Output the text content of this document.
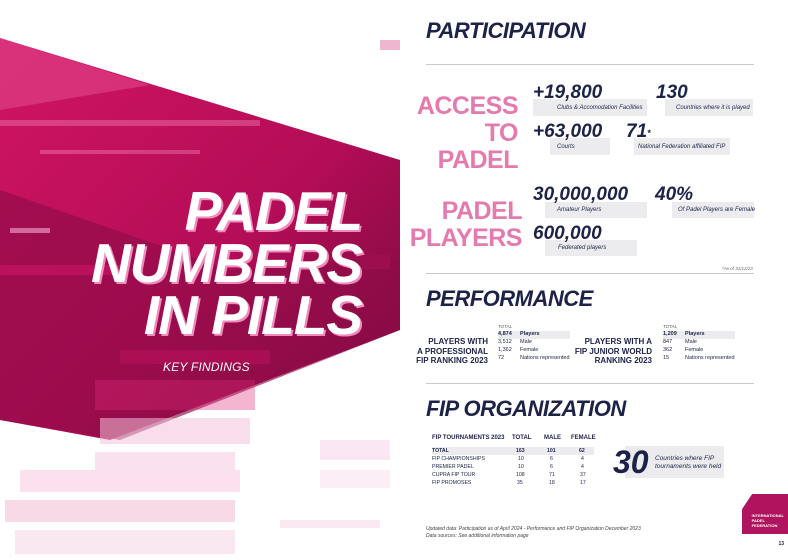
PADEL
NUMBERS
IN PILLS
KEY FINDINGS
PARTICIPATION
ACCESS
TO PADEL
+19,800
Clubs & Accomodation Facilities
130
Countries where it is played
+63,000
Courts
71*
National Federation affiliated FIP
PADEL
PLAYERS
30,000,000
Amateur Players
40%
Of Padel Players are Female
600,000
Federated players
*As of 31/12/23
PERFORMANCE
PLAYERS WITH
A PROFESSIONAL
FIP RANKING 2023
TOTAL
4,874 Players
3,512 Male
1,362 Female
72	Nations represented
PLAYERS WITH A
FIP JUNIOR WORLD
RANKING 2023
TOTAL
1,209 Players
847 Male
362 Female
15	Nations represented
FIP ORGANIZATION
FIP TOURNAMENTS 2023 TOTAL MALE FEMALE
TOTAL	163	101	62
FIP CHAMPIONSHIPS	10	6	4
PREMIER PADEL	10	6	4
CUPRA FIP TOUR	108	71	37
FIP PROMOSES	35	18	17
30 Countries where FIP
tournaments were held
Updated data: Participation as of April 2024 - Performance and FIP Organization December 2023
Data sources: See additional information page
INTERNATIONAL
PADEL
FEDERATION
13
